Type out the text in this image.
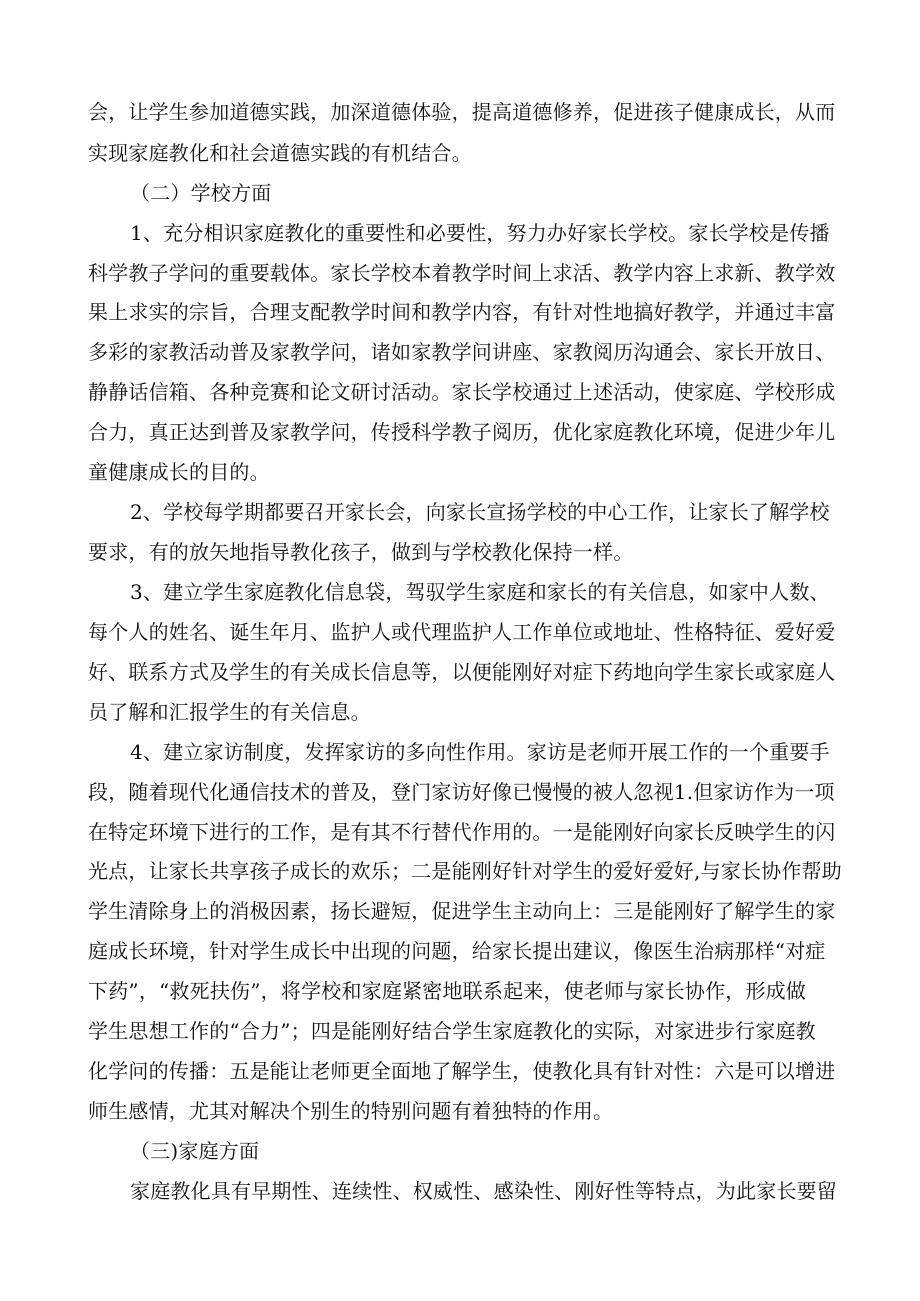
会，让学生参加道德实践，加深道德体验，提高道德修养，促进孩子健康成长，从而
实现家庭教化和社会道德实践的有机结合。
（二）学校方面
1、充分相识家庭教化的重要性和必要性，努力办好家长学校。家长学校是传播
科学教子学问的重要载体。家长学校本着教学时间上求活、教学内容上求新、教学效
果上求实的宗旨，合理支配教学时间和教学内容，有针对性地搞好教学，并通过丰富
多彩的家教活动普及家教学问，诸如家教学问讲座、家教阅历沟通会、家长开放日、
静静话信箱、各种竞赛和论文研讨活动。家长学校通过上述活动，使家庭、学校形成
合力，真正达到普及家教学问，传授科学教子阅历，优化家庭教化环境，促进少年儿
童健康成长的目的。
2、学校每学期都要召开家长会，向家长宣扬学校的中心工作，让家长了解学校
要求，有的放矢地指导教化孩子，做到与学校教化保持一样。
3、建立学生家庭教化信息袋，驾驭学生家庭和家长的有关信息，如家中人数、
每个人的姓名、诞生年月、监护人或代理监护人工作单位或地址、性格特征、爱好爱
好、联系方式及学生的有关成长信息等，以便能刚好对症下药地向学生家长或家庭人
员了解和汇报学生的有关信息。
4、建立家访制度，发挥家访的多向性作用。家访是老师开展工作的一个重要手
段，随着现代化通信技术的普及，登门家访好像已慢慢的被人忽视1.但家访作为一项
在特定环境下进行的工作，是有其不行替代作用的。一是能刚好向家长反映学生的闪
光点，让家长共享孩子成长的欢乐；二是能刚好针对学生的爱好爱好,与家长协作帮助
学生清除身上的消极因素，扬长避短，促进学生主动向上：三是能刚好了解学生的家
庭成长环境，针对学生成长中出现的问题，给家长提出建议，像医生治病那样“对症
下药”，“救死扶伤”，将学校和家庭紧密地联系起来，使老师与家长协作，形成做
学生思想工作的“合力”；四是能刚好结合学生家庭教化的实际，对家进步行家庭教
化学问的传播：五是能让老师更全面地了解学生，使教化具有针对性：六是可以增进
师生感情，尤其对解决个别生的特别问题有着独特的作用。
（三)家庭方面
家庭教化具有早期性、连续性、权威性、感染性、刚好性等特点，为此家长要留
